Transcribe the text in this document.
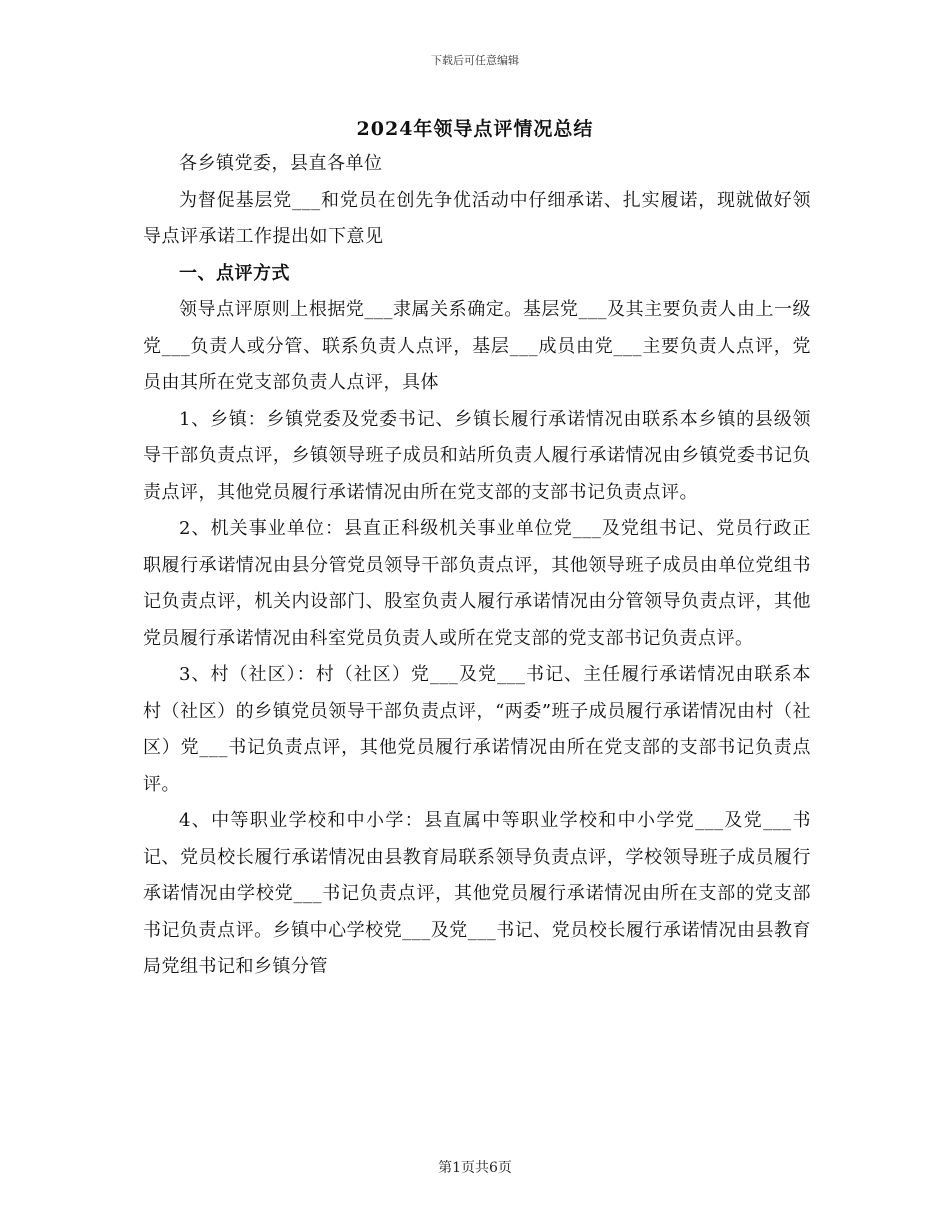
下载后可任意编辑
2024年领导点评情况总结

各乡镇党委，县直各单位

为督促基层党___和党员在创先争优活动中仔细承诺、扎实履诺，现就做好领导点评承诺工作提出如下意见

一、点评方式

领导点评原则上根据党___隶属关系确定。基层党___及其主要负责人由上一级党___负责人或分管、联系负责人点评，基层___成员由党___主要负责人点评，党员由其所在党支部负责人点评，具体

1、乡镇：乡镇党委及党委书记、乡镇长履行承诺情况由联系本乡镇的县级领导干部负责点评，乡镇领导班子成员和站所负责人履行承诺情况由乡镇党委书记负责点评，其他党员履行承诺情况由所在党支部的支部书记负责点评。

2、机关事业单位：县直正科级机关事业单位党___及党组书记、党员行政正职履行承诺情况由县分管党员领导干部负责点评，其他领导班子成员由单位党组书记负责点评，机关内设部门、股室负责人履行承诺情况由分管领导负责点评，其他党员履行承诺情况由科室党员负责人或所在党支部的党支部书记负责点评。

3、村（社区）：村（社区）党___及党___书记、主任履行承诺情况由联系本村（社区）的乡镇党员领导干部负责点评，“两委”班子成员履行承诺情况由村（社区）党___书记负责点评，其他党员履行承诺情况由所在党支部的支部书记负责点评。

4、中等职业学校和中小学：县直属中等职业学校和中小学党___及党___书记、党员校长履行承诺情况由县教育局联系领导负责点评，学校领导班子成员履行承诺情况由学校党___书记负责点评，其他党员履行承诺情况由所在支部的党支部书记负责点评。乡镇中心学校党___及党___书记、党员校长履行承诺情况由县教育局党组书记和乡镇分管

第1页共6页
